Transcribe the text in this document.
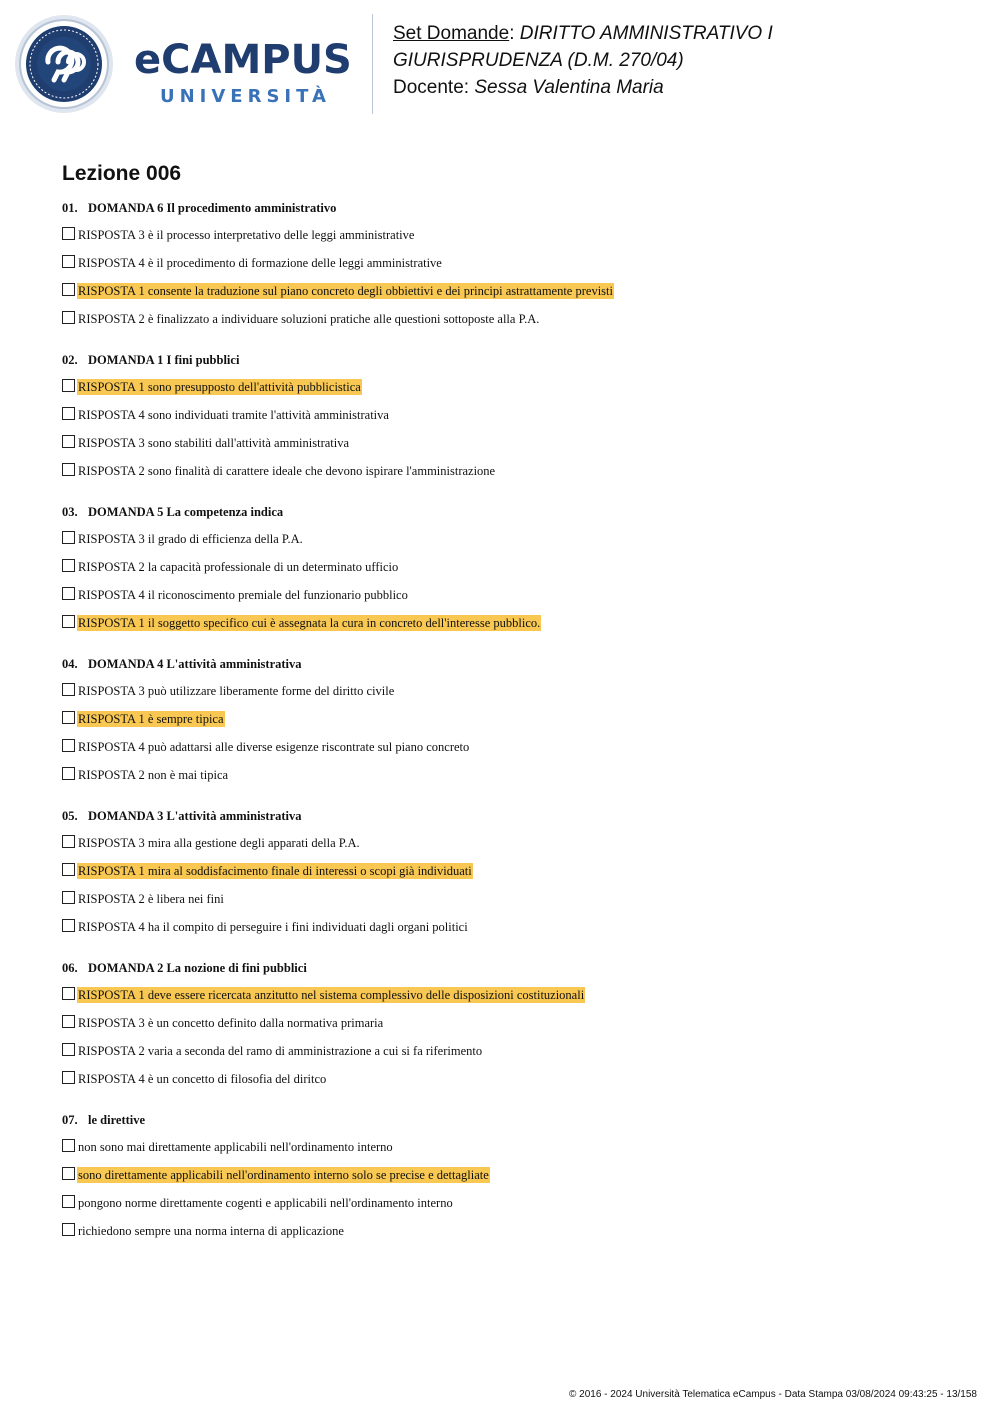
eCAMPUS
UNIVERSITÀ
Set Domande: DIRITTO AMMINISTRATIVO I
GIURISPRUDENZA (D.M. 270/04)
Docente: Sessa Valentina Maria
Lezione 006
01. DOMANDA 6 Il procedimento amministrativo
RISPOSTA 3 è il processo interpretativo delle leggi amministrative
RISPOSTA 4 è il procedimento di formazione delle leggi amministrative
RISPOSTA 1 consente la traduzione sul piano concreto degli obbiettivi e dei principi astrattamente previsti
RISPOSTA 2 è finalizzato a individuare soluzioni pratiche alle questioni sottoposte alla P.A.
02. DOMANDA 1 I fini pubblici
RISPOSTA 1 sono presupposto dell'attività pubblicistica
RISPOSTA 4 sono individuati tramite l'attività amministrativa
RISPOSTA 3 sono stabiliti dall'attività amministrativa
RISPOSTA 2 sono finalità di carattere ideale che devono ispirare l'amministrazione
03. DOMANDA 5 La competenza indica
RISPOSTA 3 il grado di efficienza della P.A.
RISPOSTA 2 la capacità professionale di un determinato ufficio
RISPOSTA 4 il riconoscimento premiale del funzionario pubblico
RISPOSTA 1 il soggetto specifico cui è assegnata la cura in concreto dell'interesse pubblico.
04. DOMANDA 4 L'attività amministrativa
RISPOSTA 3 può utilizzare liberamente forme del diritto civile
RISPOSTA 1 è sempre tipica
RISPOSTA 4 può adattarsi alle diverse esigenze riscontrate sul piano concreto
RISPOSTA 2 non è mai tipica
05. DOMANDA 3 L'attività amministrativa
RISPOSTA 3 mira alla gestione degli apparati della P.A.
RISPOSTA 1 mira al soddisfacimento finale di interessi o scopi già individuati
RISPOSTA 2 è libera nei fini
RISPOSTA 4 ha il compito di perseguire i fini individuati dagli organi politici
06. DOMANDA 2 La nozione di fini pubblici
RISPOSTA 1 deve essere ricercata anzitutto nel sistema complessivo delle disposizioni costituzionali
RISPOSTA 3 è un concetto definito dalla normativa primaria
RISPOSTA 2 varia a seconda del ramo di amministrazione a cui si fa riferimento
RISPOSTA 4 è un concetto di filosofia del diritco
07. le direttive
non sono mai direttamente applicabili nell'ordinamento interno
sono direttamente applicabili nell'ordinamento interno solo se precise e dettagliate
pongono norme direttamente cogenti e applicabili nell'ordinamento interno
richiedono sempre una norma interna di applicazione
© 2016 - 2024 Università Telematica eCampus - Data Stampa 03/08/2024 09:43:25 - 13/158
